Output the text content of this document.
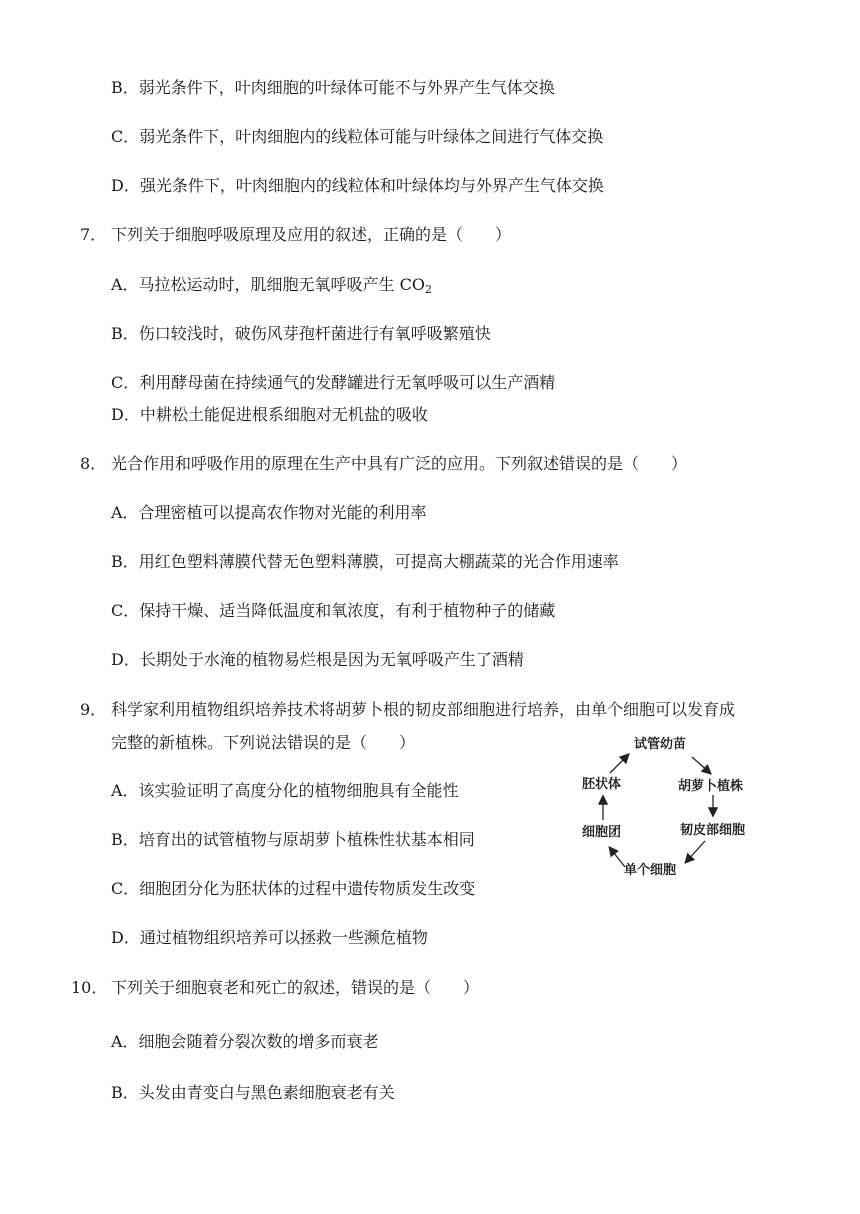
B．弱光条件下，叶肉细胞的叶绿体可能不与外界产生气体交换
C．弱光条件下，叶肉细胞内的线粒体可能与叶绿体之间进行气体交换
D．强光条件下，叶肉细胞内的线粒体和叶绿体均与外界产生气体交换
7． 下列关于细胞呼吸原理及应用的叙述，正确的是（　　）
A．马拉松运动时，肌细胞无氧呼吸产生 $CO_2$
B．伤口较浅时，破伤风芽孢杆菌进行有氧呼吸繁殖快
C．利用酵母菌在持续通气的发酵罐进行无氧呼吸可以生产酒精
D．中耕松土能促进根系细胞对无机盐的吸收
8． 光合作用和呼吸作用的原理在生产中具有广泛的应用。下列叙述错误的是（　　）
A．合理密植可以提高农作物对光能的利用率
B．用红色塑料薄膜代替无色塑料薄膜，可提高大棚蔬菜的光合作用速率
C．保持干燥、适当降低温度和氧浓度，有利于植物种子的储藏
D．长期处于水淹的植物易烂根是因为无氧呼吸产生了酒精
9． 科学家利用植物组织培养技术将胡萝卜根的韧皮部细胞进行培养，由单个细胞可以发育成
完整的新植株。下列说法错误的是（　　）
A．该实验证明了高度分化的植物细胞具有全能性
B．培育出的试管植物与原胡萝卜植株性状基本相同
C．细胞团分化为胚状体的过程中遗传物质发生改变
D．通过植物组织培养可以拯救一些濒危植物
试管幼苗
胡萝卜植株
韧皮部细胞
单个细胞
细胞团
胚状体
10． 下列关于细胞衰老和死亡的叙述，错误的是（　　）
A．细胞会随着分裂次数的增多而衰老
B．头发由青变白与黑色素细胞衰老有关
